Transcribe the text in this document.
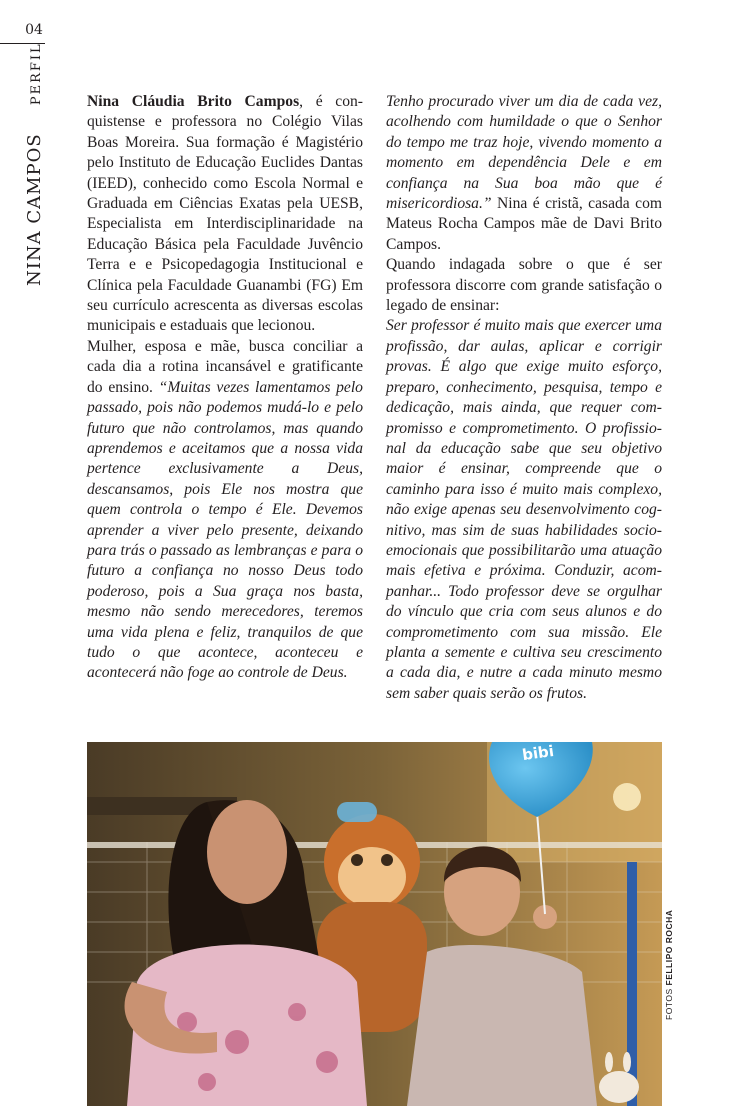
04
NINA CAMPOS PERFIL	Nina Cláudia Brito Campos, é conquistense e professora no Colégio Vilas Boas Moreira. Sua formação é Magistério pelo Instituto de Educação Euclides Dantas (IEED), conhecido como Escola Normal e Graduada em Ciências Exatas pela UESB, Especialista em Interdisciplinaridade na Educação Básica pela Faculdade Juvêncio Terra e e Psicopedagogia Institucional e Clínica pela Faculdade Guanambi (FG) Em seu currículo acrescenta as diversas escolas municipais e estaduais que lecionou.

Mulher, esposa e mãe, busca conciliar a cada dia a rotina incansável e gratificante do ensino. “Muitas vezes lamentamos pelo passado, pois não podemos mudá-lo e pelo futuro que não controlamos, mas quando aprendemos e aceitamos que a nossa vida pertence exclusivamente a Deus, descansamos, pois Ele nos mostra que quem controla o tempo é Ele. Devemos aprender a viver pelo presente, deixando para trás o passado as lembranças e para o futuro a confiança no nosso Deus todo poderoso, pois a Sua graça nos basta, mesmo não sendo merecedores, teremos uma vida plena e feliz, tranquilos de que tudo o que acontece, aconteceu e acontecerá não foge ao controle de Deus.

Tenho procurado viver um dia de cada vez, acolhendo com humildade o que o Senhor do tempo me traz hoje, vivendo momento a momento em dependência Dele e em confiança na Sua boa mão que é misericordiosa.” Nina é cristã, casada com Mateus Rocha Campos mãe de Davi Brito Campos.

Quando indagada sobre o que é ser professora discorre com grande satisfação o legado de ensinar:

Ser professor é muito mais que exercer uma profissão, dar aulas, aplicar e corrigir provas. É algo que exige muito esforço, preparo, conhecimento, pesquisa, tempo e dedicação, mais ainda, que requer compromisso e comprometimento. O profissional da educação sabe que seu objetivo maior é ensinar, compreende que o caminho para isso é muito mais complexo, não exige apenas seu desenvolvimento cognitivo, mas sim de suas habilidades socioemocionais que possibilitarão uma atuação mais efetiva e próxima. Conduzir, acompanhar... Todo professor deve se orgulhar do vínculo que cria com seus alunos e do comprometimento com sua missão. Ele planta a semente e cultiva seu crescimento a cada dia, e nutre a cada minuto mesmo sem saber quais serão os frutos.

bibi
FOTOS FELLIPO ROCHA
